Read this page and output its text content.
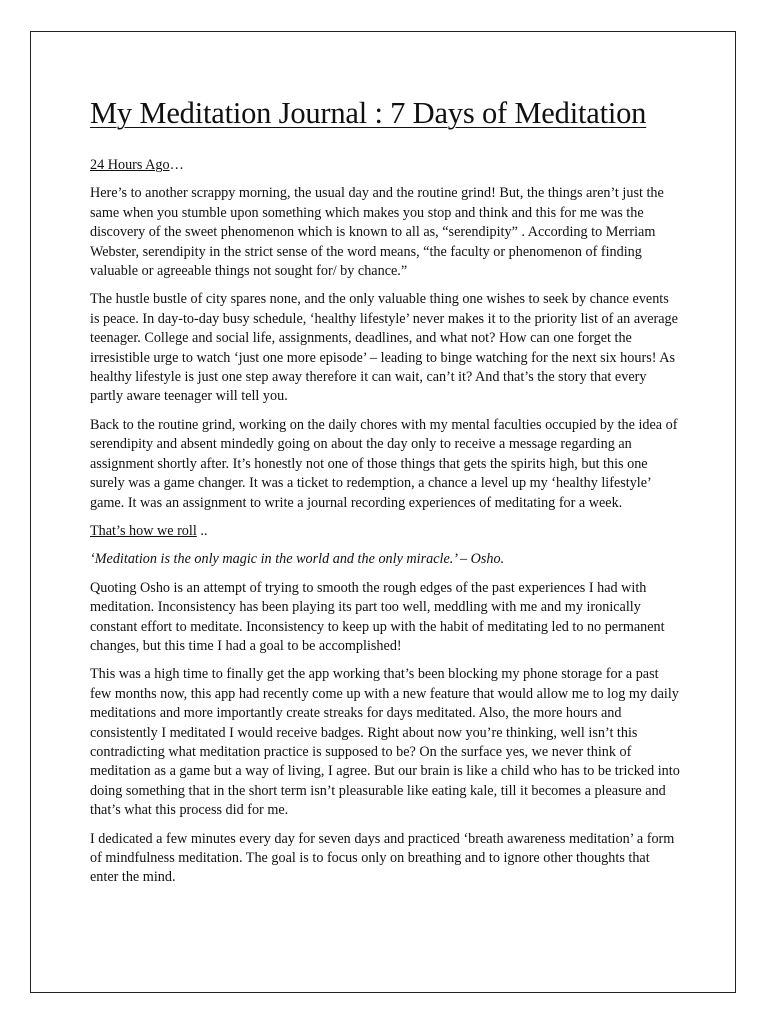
My Meditation Journal : 7 Days of Meditation

24 Hours Ago…

Here’s to another scrappy morning, the usual day and the routine grind! But, the things aren’t just the same when you stumble upon something which makes you stop and think and this for me was the discovery of the sweet phenomenon which is known to all as, “serendipity” . According to Merriam Webster, serendipity in the strict sense of the word means, “the faculty or phenomenon of finding valuable or agreeable things not sought for/ by chance.”

The hustle bustle of city spares none, and the only valuable thing one wishes to seek by chance events is peace. In day-to-day busy schedule, ‘healthy lifestyle’ never makes it to the priority list of an average teenager. College and social life, assignments, deadlines, and what not? How can one forget the irresistible urge to watch ‘just one more episode’ – leading to binge watching for the next six hours! As healthy lifestyle is just one step away therefore it can wait, can’t it? And that’s the story that every partly aware teenager will tell you.

Back to the routine grind, working on the daily chores with my mental faculties occupied by the idea of serendipity and absent mindedly going on about the day only to receive a message regarding an assignment shortly after. It’s honestly not one of those things that gets the spirits high, but this one surely was a game changer. It was a ticket to redemption, a chance a level up my ‘healthy lifestyle’ game. It was an assignment to write a journal recording experiences of meditating for a week.

That’s how we roll ..

‘Meditation is the only magic in the world and the only miracle.’ – Osho.

Quoting Osho is an attempt of trying to smooth the rough edges of the past experiences I had with meditation. Inconsistency has been playing its part too well, meddling with me and my ironically constant effort to meditate. Inconsistency to keep up with the habit of meditating led to no permanent changes, but this time I had a goal to be accomplished!

This was a high time to finally get the app working that’s been blocking my phone storage for a past few months now, this app had recently come up with a new feature that would allow me to log my daily meditations and more importantly create streaks for days meditated. Also, the more hours and consistently I meditated I would receive badges. Right about now you’re thinking, well isn’t this contradicting what meditation practice is supposed to be? On the surface yes, we never think of meditation as a game but a way of living, I agree. But our brain is like a child who has to be tricked into doing something that in the short term isn’t pleasurable like eating kale, till it becomes a pleasure and that’s what this process did for me.

I dedicated a few minutes every day for seven days and practiced ‘breath awareness meditation’ a form of mindfulness meditation. The goal is to focus only on breathing and to ignore other thoughts that enter the mind.
